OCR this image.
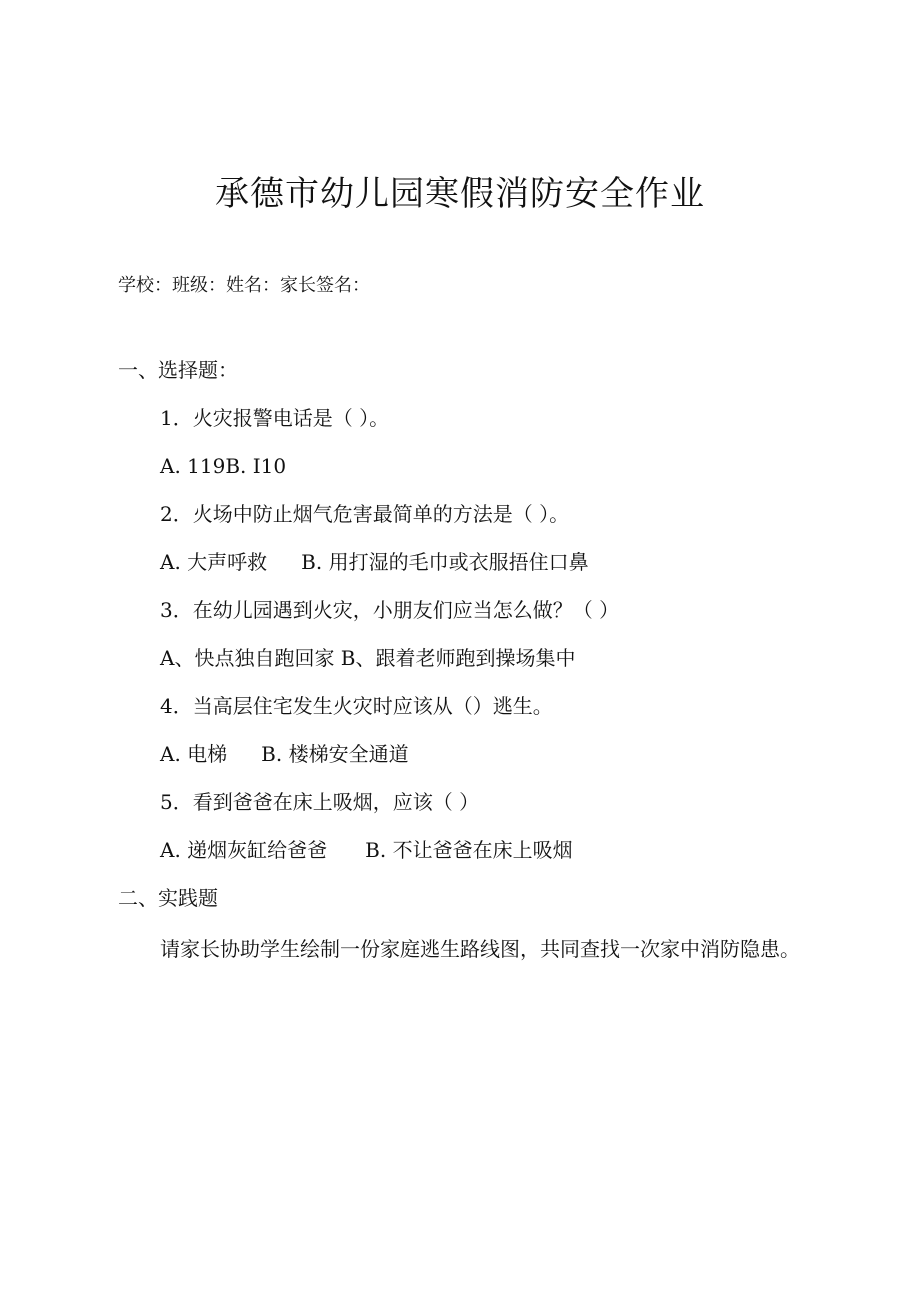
承德市幼儿园寒假消防安全作业
学校：班级：姓名：家长签名：
一、选择题：
1．火灾报警电话是（ ）。
A. 119B. I10
2．火场中防止烟气危害最简单的方法是（ ）。
A. 大声呼救 B. 用打湿的毛巾或衣服捂住口鼻
3．在幼儿园遇到火灾，小朋友们应当怎么做？（ ）
A、快点独自跑回家 B、跟着老师跑到操场集中
4．当高层住宅发生火灾时应该从（）逃生。
A. 电梯 B. 楼梯安全通道
5．看到爸爸在床上吸烟，应该（ ）
A. 递烟灰缸给爸爸 B. 不让爸爸在床上吸烟
二、实践题

请家长协助学生绘制一份家庭逃生路线图，共同查找一次家中消防隐患。
